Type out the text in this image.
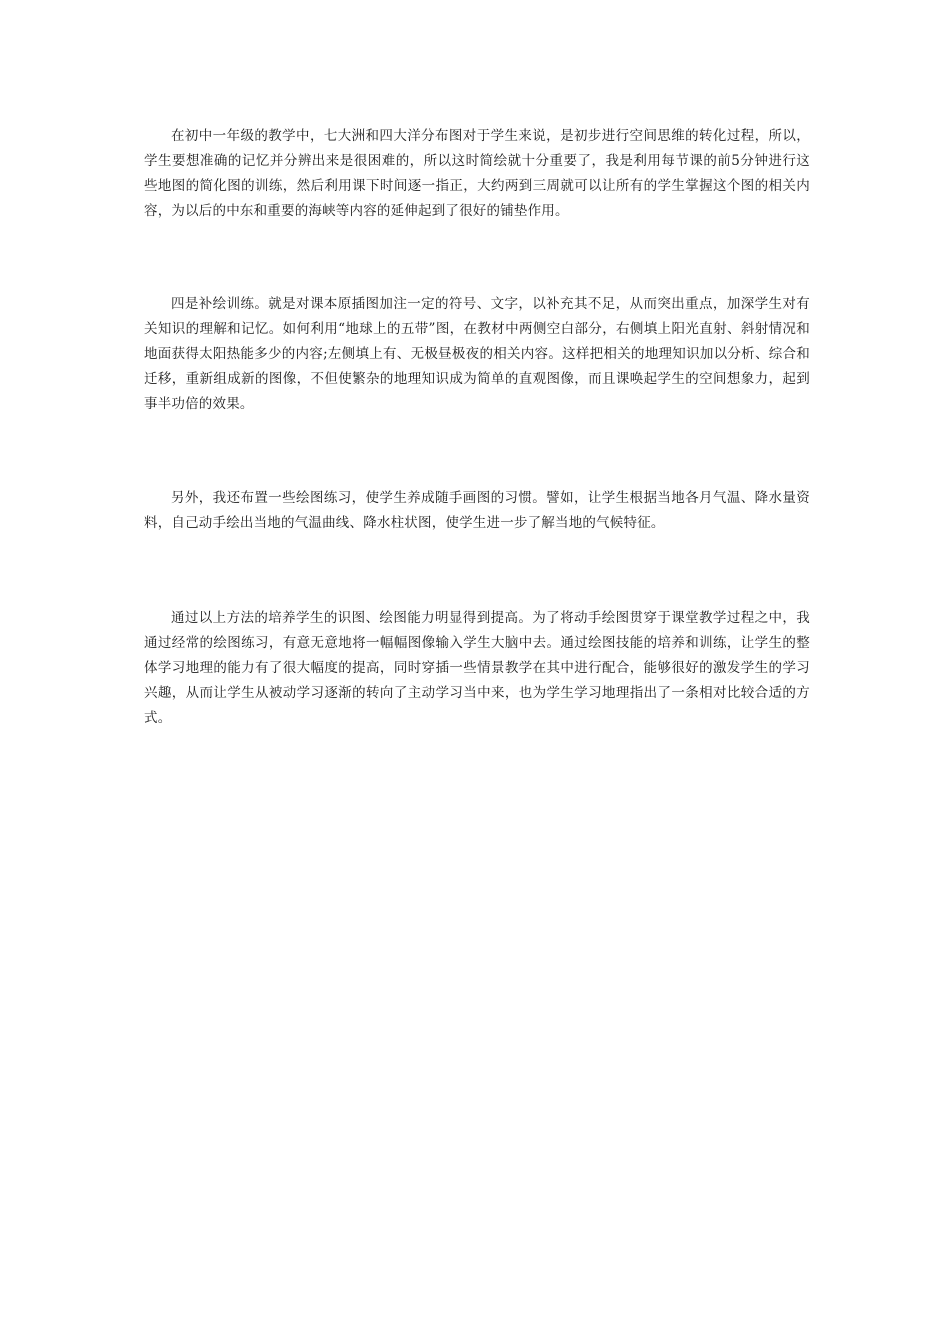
在初中一年级的教学中，七大洲和四大洋分布图对于学生来说，是初步进行空间思维的转化过程，所以，学生要想准确的记忆并分辨出来是很困难的，所以这时简绘就十分重要了，我是利用每节课的前5分钟进行这些地图的简化图的训练，然后利用课下时间逐一指正，大约两到三周就可以让所有的学生掌握这个图的相关内容，为以后的中东和重要的海峡等内容的延伸起到了很好的铺垫作用。

四是补绘训练。就是对课本原插图加注一定的符号、文字，以补充其不足，从而突出重点，加深学生对有关知识的理解和记忆。如何利用“地球上的五带”图，在教材中两侧空白部分，右侧填上阳光直射、斜射情况和地面获得太阳热能多少的内容;左侧填上有、无极昼极夜的相关内容。这样把相关的地理知识加以分析、综合和迁移，重新组成新的图像，不但使繁杂的地理知识成为简单的直观图像，而且课唤起学生的空间想象力，起到事半功倍的效果。

另外，我还布置一些绘图练习，使学生养成随手画图的习惯。譬如，让学生根据当地各月气温、降水量资料，自己动手绘出当地的气温曲线、降水柱状图，使学生进一步了解当地的气候特征。

通过以上方法的培养学生的识图、绘图能力明显得到提高。为了将动手绘图贯穿于课堂教学过程之中，我通过经常的绘图练习，有意无意地将一幅幅图像输入学生大脑中去。通过绘图技能的培养和训练，让学生的整体学习地理的能力有了很大幅度的提高，同时穿插一些情景教学在其中进行配合，能够很好的激发学生的学习兴趣，从而让学生从被动学习逐渐的转向了主动学习当中来，也为学生学习地理指出了一条相对比较合适的方式。
